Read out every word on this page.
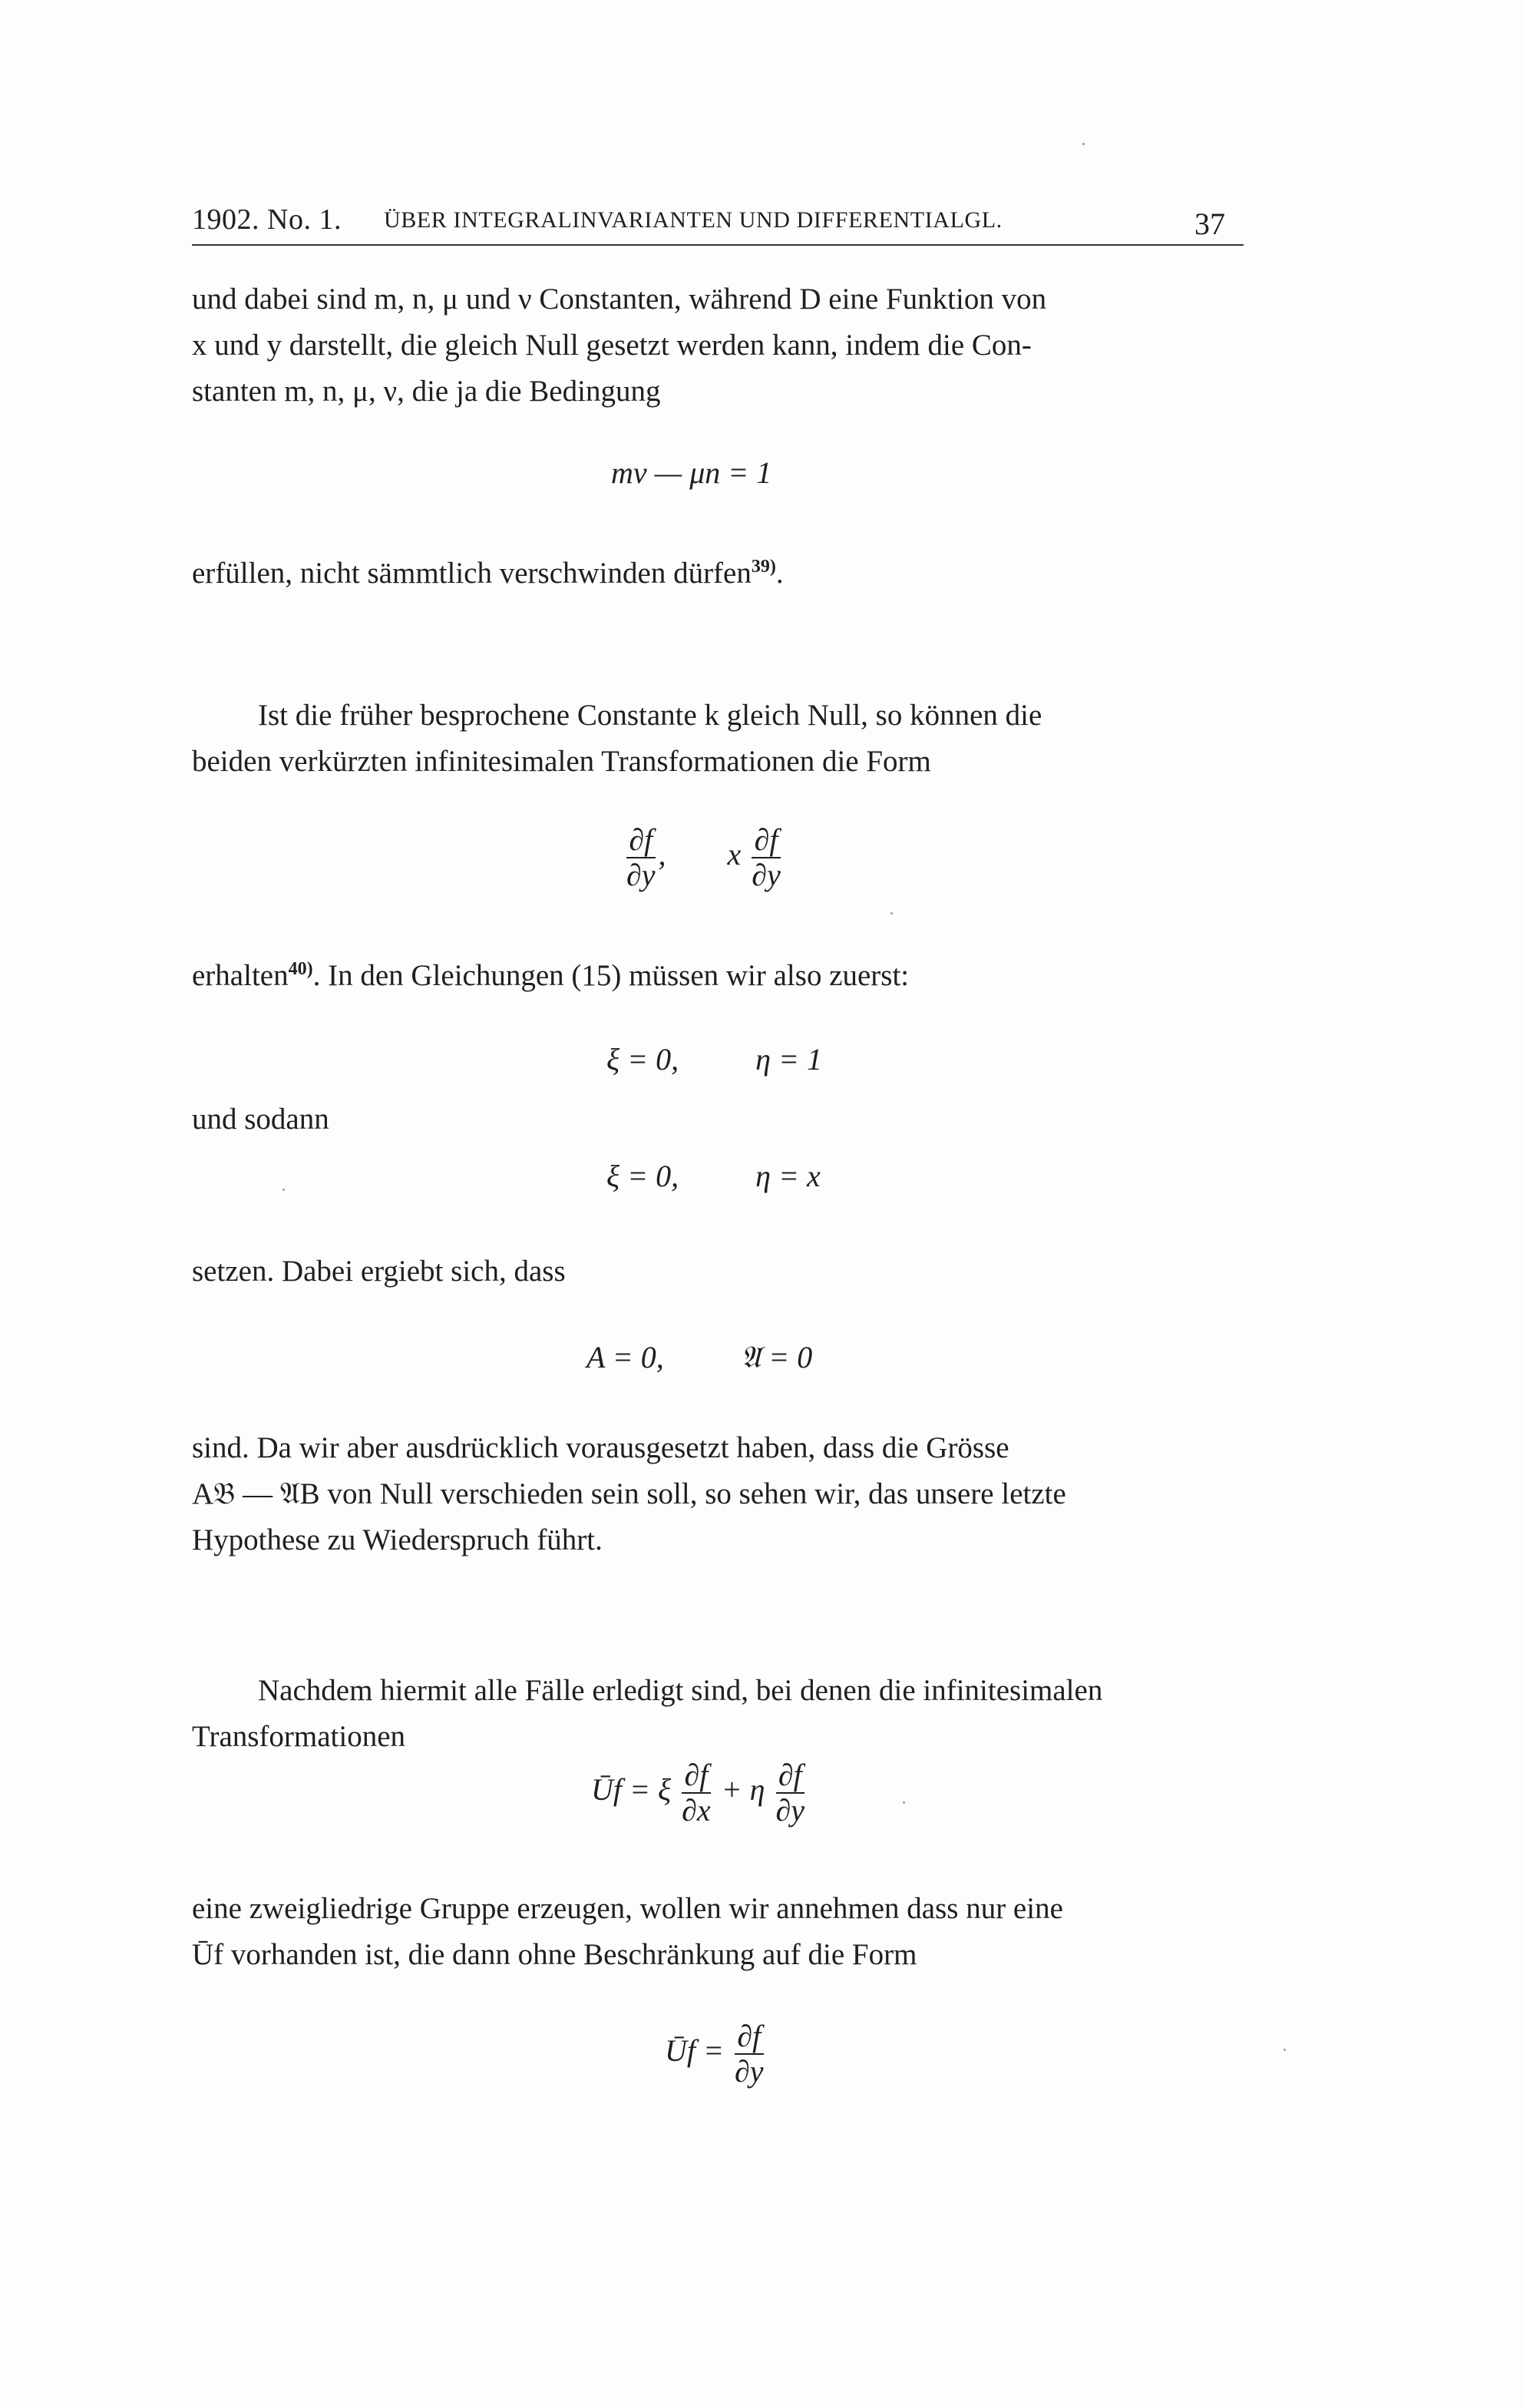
1902. No. 1. ÜBER INTEGRALINVARIANTEN UND DIFFERENTIALGL.	37
und dabei sind m, n, μ und ν Constanten, während D eine Funktion von
x und y darstellt, die gleich Null gesetzt werden kann, indem die Con-
stanten m, n, μ, ν, die ja die Bedingung
mν — μn = 1
erfüllen, nicht sämmtlich verschwinden dürfen$^{39)}$.
Ist die früher besprochene Constante k gleich Null, so können die
beiden verkürzten infinitesimalen Transformationen die Form
$\frac{\partial f}{\partial y}$ , x $\frac{\partial f}{\partial y}$
erhalten$^{40)}$. In den Gleichungen (15) müssen wir also zuerst:
ξ = 0,	η = 1
und sodann
ξ = 0,	η = x
setzen. Dabei ergiebt sich, dass
A = 0,	𝔄 = 0
sind. Da wir aber ausdrücklich vorausgesetzt haben, dass die Grösse
A𝔅 — 𝔄B von Null verschieden sein soll, so sehen wir, das unsere letzte
Hypothese zu Wiederspruch führt.
Nachdem hiermit alle Fälle erledigt sind, bei denen die infinitesimalen
Transformationen
Ūf = ξ $\frac{\partial f}{\partial x} + \eta \frac{\partial f}{\partial y}$
eine zweigliedrige Gruppe erzeugen, wollen wir annehmen dass nur eine
Ūf vorhanden ist, die dann ohne Beschränkung auf die Form
Ūf = $\frac{\partial f}{\partial y}$
